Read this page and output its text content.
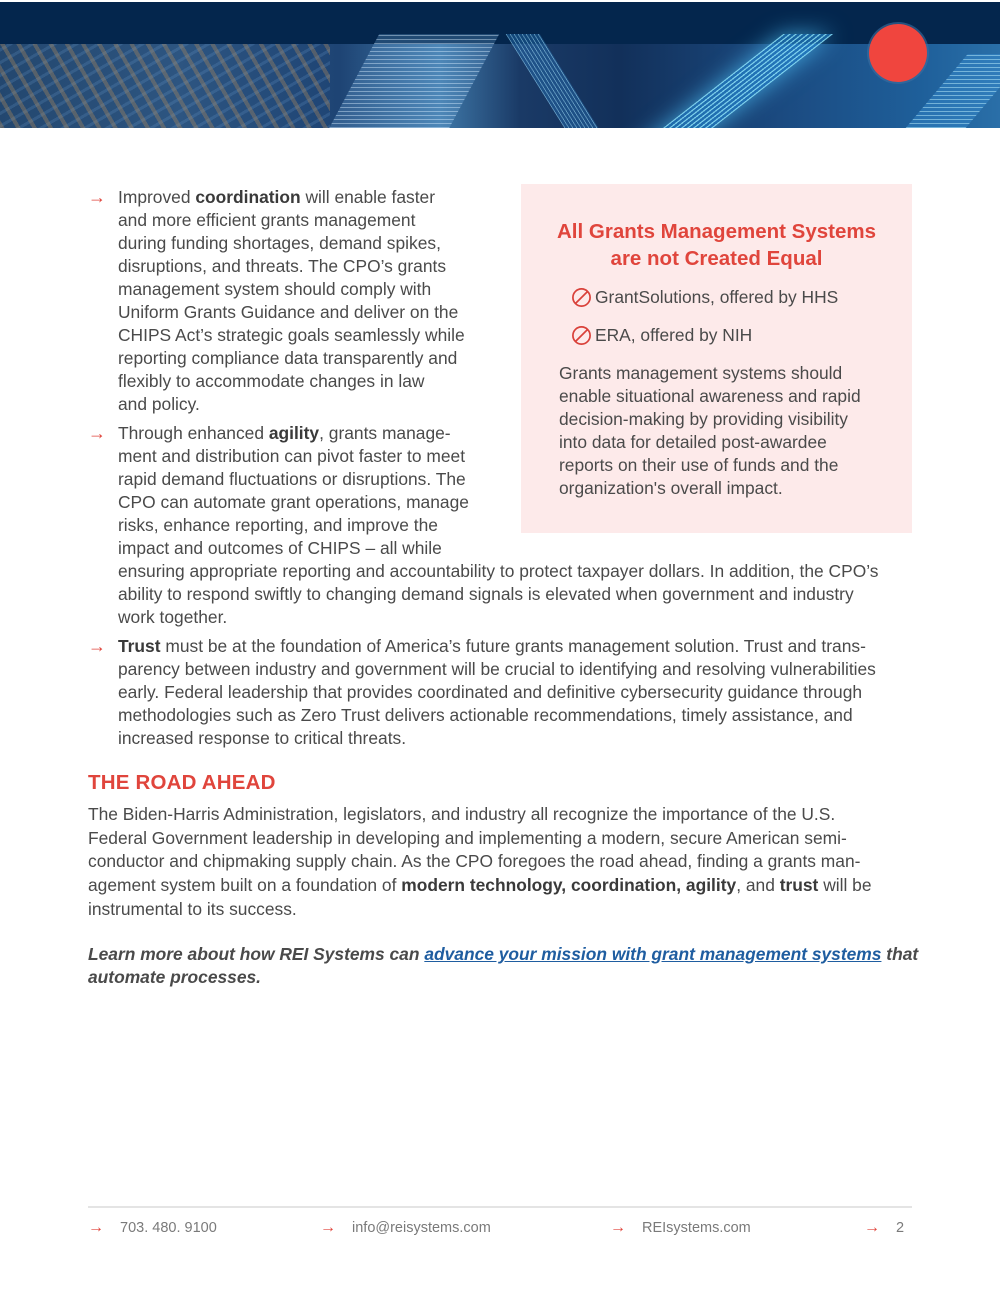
→ Improved coordination will enable faster
and more efficient grants management
during funding shortages, demand spikes,
disruptions, and threats. The CPO’s grants
management system should comply with
Uniform Grants Guidance and deliver on the
CHIPS Act’s strategic goals seamlessly while
reporting compliance data transparently and
flexibly to accommodate changes in law
and policy.
→ Through enhanced agility, grants manage-
ment and distribution can pivot faster to meet
rapid demand fluctuations or disruptions. The
CPO can automate grant operations, manage
risks, enhance reporting, and improve the
impact and outcomes of CHIPS – all while
ensuring appropriate reporting and accountability to protect taxpayer dollars. In addition, the CPO’s
ability to respond swiftly to changing demand signals is elevated when government and industry
work together.
→ Trust must be at the foundation of America’s future grants management solution. Trust and trans-
parency between industry and government will be crucial to identifying and resolving vulnerabilities
early. Federal leadership that provides coordinated and definitive cybersecurity guidance through
methodologies such as Zero Trust delivers actionable recommendations, timely assistance, and
increased response to critical threats.
All Grants Management Systems
are not Created Equal
GrantSolutions, offered by HHS
ERA, offered by NIH
Grants management systems should
enable situational awareness and rapid
decision-making by providing visibility
into data for detailed post-awardee
reports on their use of funds and the
organization's overall impact.
THE ROAD AHEAD
The Biden-Harris Administration, legislators, and industry all recognize the importance of the U.S.
Federal Government leadership in developing and implementing a modern, secure American semi-
conductor and chipmaking supply chain. As the CPO foregoes the road ahead, finding a grants man-
agement system built on a foundation of modern technology, coordination, agility, and trust will be
instrumental to its success.
Learn more about how REI Systems can advance your mission with grant management systems that
automate processes.
→ 703. 480. 9100	→ info@reisystems.com	→ REIsystems.com	→ 2
